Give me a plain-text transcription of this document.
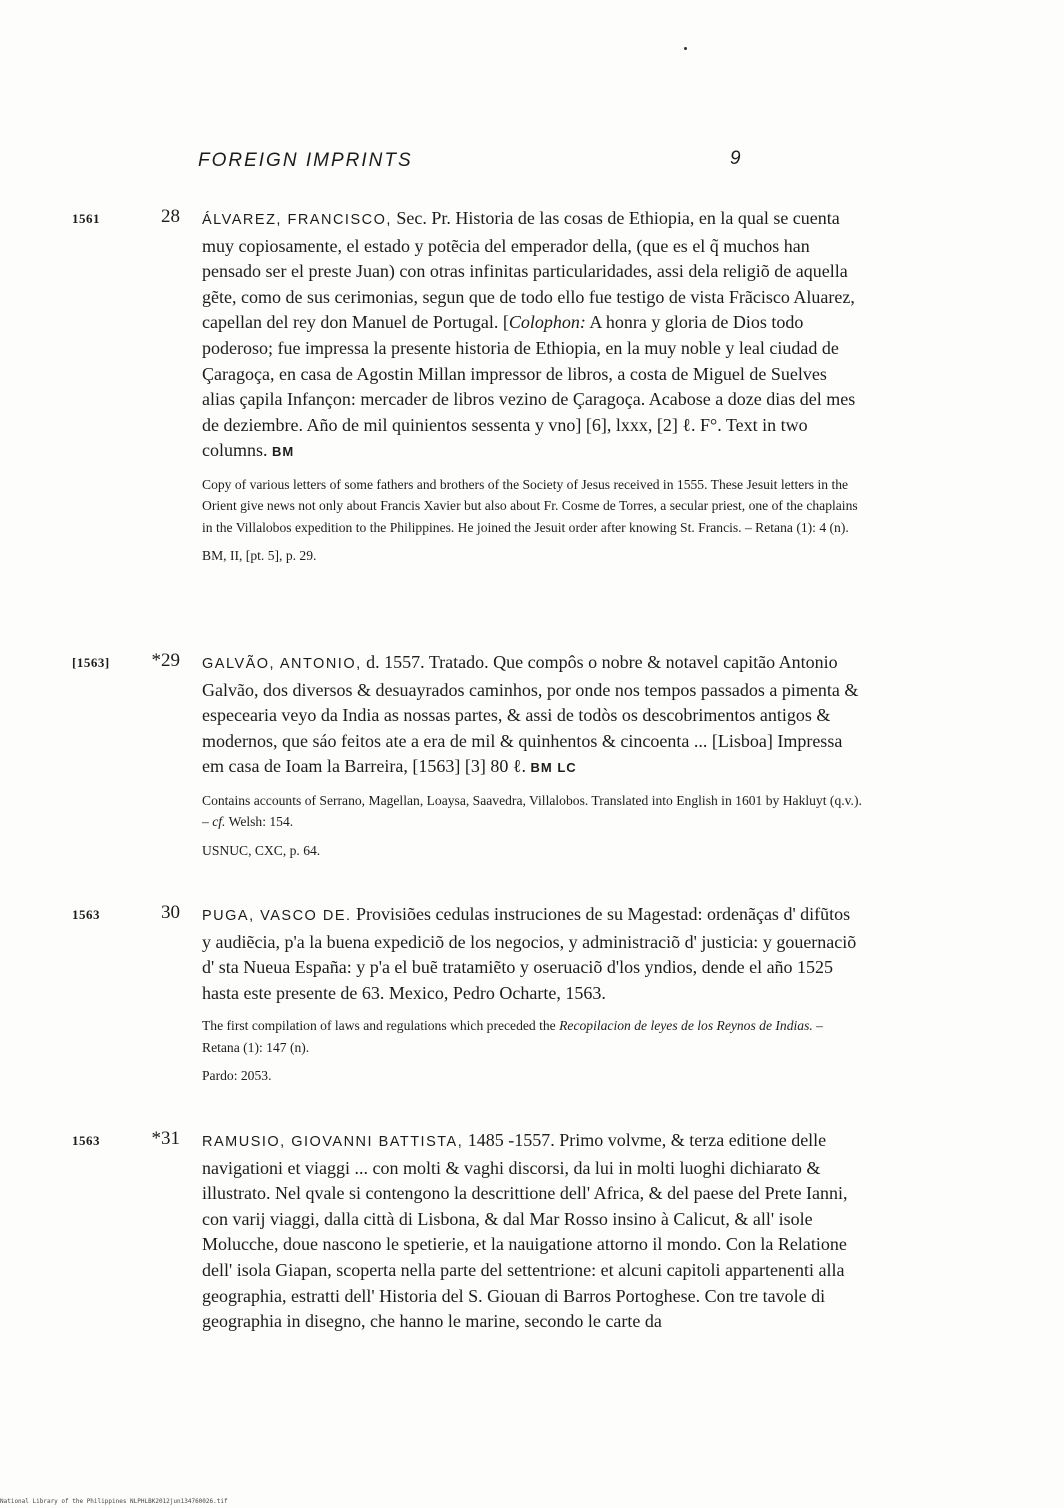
FOREIGN IMPRINTS	9
1561	28 ÁLVAREZ, FRANCISCO, Sec. Pr. Historia de las cosas de Ethiopia, en la qual se cuenta muy copiosamente, el estado y potẽcia del emperador della, (que es el q̃ muchos han pensado ser el preste Juan) con otras infinitas particularidades, assi dela religiõ de aquella gẽte, como de sus cerimonias, segun que de todo ello fue testigo de vista Frãcisco Aluarez, capellan del rey don Manuel de Portugal. [Colophon: A honra y gloria de Dios todo poderoso; fue impressa la presente historia de Ethiopia, en la muy noble y leal ciudad de Çaragoça, en casa de Agostin Millan impressor de libros, a costa de Miguel de Suelves alias çapila Infançon: mercader de libros vezino de Çaragoça. Acabose a doze dias del mes de deziembre. Año de mil quinientos sessenta y vno] [6], lxxx, [2] ℓ. F°. Text in two columns. BM

Copy of various letters of some fathers and brothers of the Society of Jesus received in 1555. These Jesuit letters in the Orient give news not only about Francis Xavier but also about Fr. Cosme de Torres, a secular priest, one of the chaplains in the Villalobos expedition to the Philippines. He joined the Jesuit order after knowing St. Francis. – Retana (1): 4 (n).

BM, II, [pt. 5], p. 29.

[1563]	*29 GALVÃO, ANTONIO, d. 1557. Tratado. Que compôs o nobre & notavel capitão Antonio Galvão, dos diversos & desuayrados caminhos, por onde nos tempos passados a pimenta & especearia veyo da India as nossas partes, & assi de todòs os descobrimentos antigos & modernos, que sáo feitos ate a era de mil & quinhentos & cincoenta ... [Lisboa] Impressa em casa de Ioam la Barreira, [1563] [3] 80 ℓ. BM LC

Contains accounts of Serrano, Magellan, Loaysa, Saavedra, Villalobos. Translated into English in 1601 by Hakluyt (q.v.). – cf. Welsh: 154.

USNUC, CXC, p. 64.

1563	30 PUGA, VASCO DE. Provisiões cedulas instruciones de su Magestad: ordenãças d' difũtos y audiẽcia, p'a la buena expediciõ de los negocios, y administraciõ d' justicia: y gouernaciõ d' sta Nueua España: y p'a el buẽ tratamiẽto y oseruaciõ d'los yndios, dende el año 1525 hasta este presente de 63. Mexico, Pedro Ocharte, 1563.

The first compilation of laws and regulations which preceded the Recopilacion de leyes de los Reynos de Indias. – Retana (1): 147 (n).

Pardo: 2053.

1563	*31 RAMUSIO, GIOVANNI BATTISTA, 1485 -1557. Primo volvme, & terza editione delle navigationi et viaggi ... con molti & vaghi discorsi, da lui in molti luoghi dichiarato & illustrato. Nel qvale si contengono la descrittione dell' Africa, & del paese del Prete Ianni, con varij viaggi, dalla città di Lisbona, & dal Mar Rosso insino à Calicut, & all' isole Molucche, doue nascono le spetierie, et la nauigatione attorno il mondo. Con la Relatione dell' isola Giapan, scoperta nella parte del settentrione: et alcuni capitoli appartenenti alla geographia, estratti dell' Historia del S. Giouan di Barros Portoghese. Con tre tavole di geographia in disegno, che hanno le marine, secondo le carte da

National Library of the Philippines NLPHLBK2012jun134760026.tif
